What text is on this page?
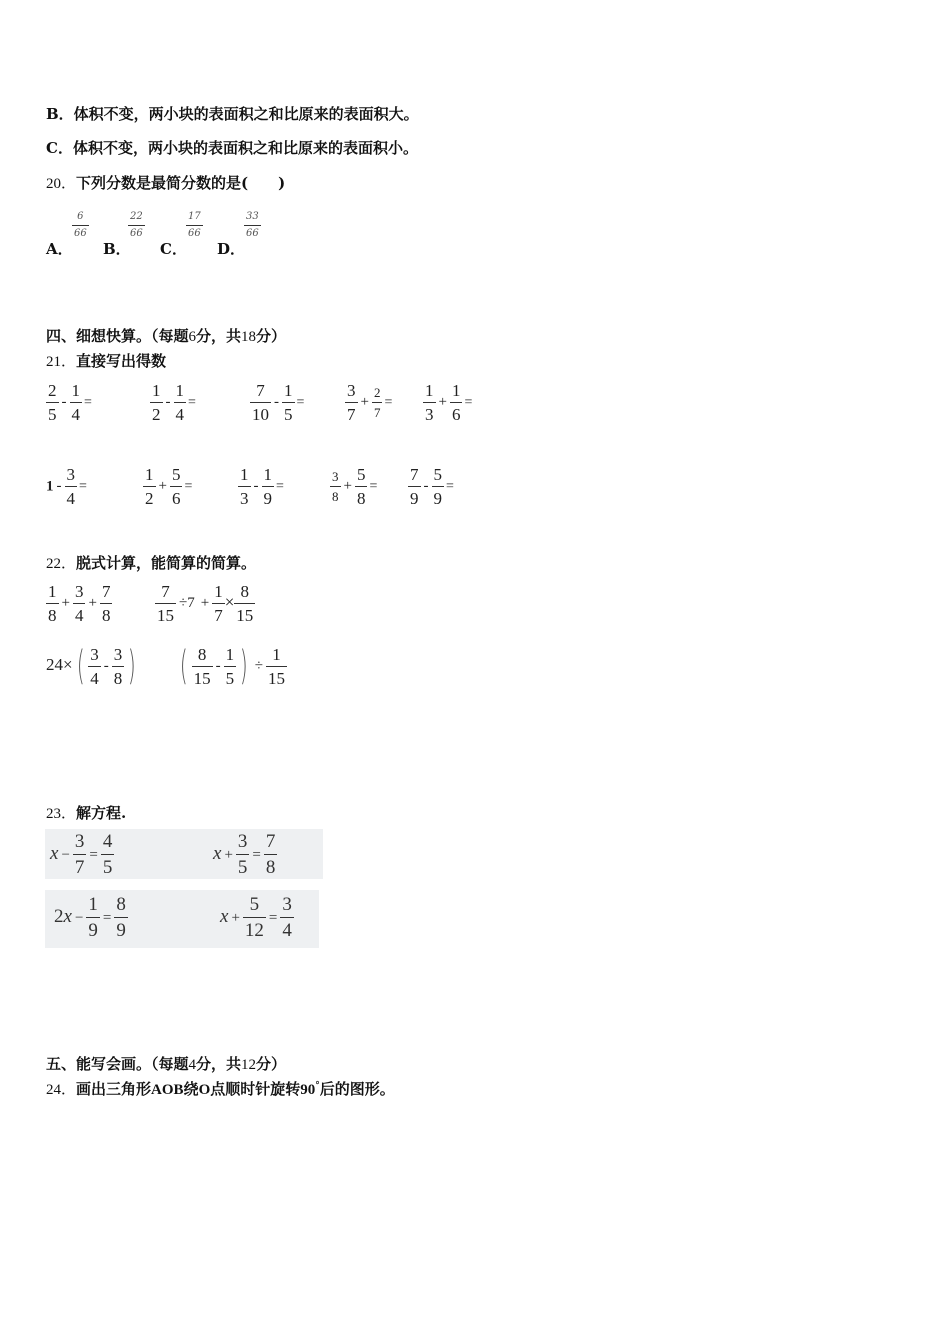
B．体积不变，两小块的表面积之和比原来的表面积大。
C．体积不变，两小块的表面积之和比原来的表面积小。
20．下列分数是最简分数的是(　　)
A．
$\frac{6}{66}$
B．
$\frac{22}{66}$
C．
$\frac{17}{66}$
D．
$\frac{33}{66}$
四、细想快算。（每题6分，共18分）
21．直接写出得数
$\frac{2}{5} - \frac{1}{4}$ =	$\frac{1}{2} - \frac{1}{4}$ =	$\frac{7}{10} - \frac{1}{5} = \frac{3}{7} + \frac{2}{7} = \frac{1}{3} + \frac{1}{6}$ =
$1 - \frac{3}{4}$ =	$\frac{1}{2} + \frac{5}{6}$ =	$\frac{1}{3} - \frac{1}{9}$ =	$\frac{3}{8} + \frac{5}{8} = \frac{7}{9} - \frac{5}{9}$ =
22．脱式计算，能简算的简算。
$\frac{1}{8} + \frac{3}{4} + \frac{7}{8}$	$\frac{7}{15} \div 7 + \frac{1}{7} \times \frac{8}{15}$
$24\times( \frac{3}{4} - \frac{3}{8}$ ) ( $\frac{8}{15} - \frac{1}{5}$ ) ÷ $\frac{1}{15}$
23．解方程.
$x - \frac{3}{7} = \frac{4}{5}$	$x + \frac{3}{5} = \frac{7}{8}$
$2x - \frac{1}{9} = \frac{8}{9}$	$x + \frac{5}{12} = \frac{3}{4}$
五、能写会画。（每题4分，共12分）
24．画出三角形AOB绕O点顺时针旋转90°后的图形。
